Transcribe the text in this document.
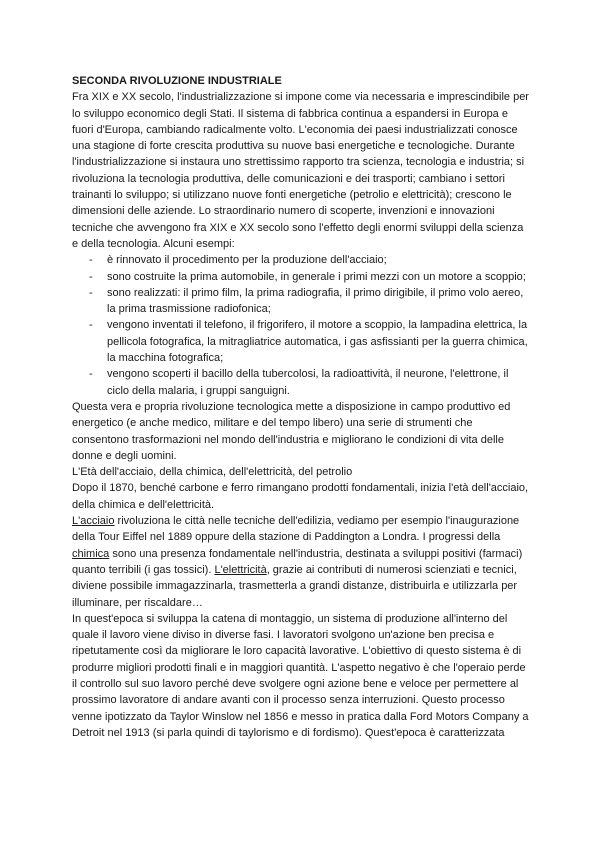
SECONDA RIVOLUZIONE INDUSTRIALE

Fra XIX e XX secolo, l'industrializzazione si impone come via necessaria e imprescindibile per lo sviluppo economico degli Stati. Il sistema di fabbrica continua a espandersi in Europa e fuori d'Europa, cambiando radicalmente volto. L'economia dei paesi industrializzati conosce una stagione di forte crescita produttiva su nuove basi energetiche e tecnologiche. Durante l'industrializzazione si instaura uno strettissimo rapporto tra scienza, tecnologia e industria; si rivoluziona la tecnologia produttiva, delle comunicazioni e dei trasporti; cambiano i settori trainanti lo sviluppo; si utilizzano nuove fonti energetiche (petrolio e elettricità); crescono le dimensioni delle aziende. Lo straordinario numero di scoperte, invenzioni e innovazioni tecniche che avvengono fra XIX e XX secolo sono l'effetto degli enormi sviluppi della scienza e della tecnologia. Alcuni esempi:

- è rinnovato il procedimento per la produzione dell'acciaio;
- sono costruite la prima automobile, in generale i primi mezzi con un motore a scoppio;
- sono realizzati: il primo film, la prima radiografia, il primo dirigibile, il primo volo aereo, la prima trasmissione radiofonica;
- vengono inventati il telefono, il frigorifero, il motore a scoppio, la lampadina elettrica, la pellicola fotografica, la mitragliatrice automatica, i gas asfissianti per la guerra chimica, la macchina fotografica;
- vengono scoperti il bacillo della tubercolosi, la radioattività, il neurone, l'elettrone, il ciclo della malaria, i gruppi sanguigni.

Questa vera e propria rivoluzione tecnologica mette a disposizione in campo produttivo ed energetico (e anche medico, militare e del tempo libero) una serie di strumenti che consentono trasformazioni nel mondo dell'industria e migliorano le condizioni di vita delle donne e degli uomini.

L'Età dell'acciaio, della chimica, dell'elettricità, del petrolio

Dopo il 1870, benché carbone e ferro rimangano prodotti fondamentali, inizia l'età dell'acciaio, della chimica e dell'elettricità.

L'acciaio rivoluziona le città nelle tecniche dell'edilizia, vediamo per esempio l'inaugurazione della Tour Eiffel nel 1889 oppure della stazione di Paddington a Londra. I progressi della chimica sono una presenza fondamentale nell'industria, destinata a sviluppi positivi (farmaci) quanto terribili (i gas tossici). L'elettricità, grazie ai contributi di numerosi scienziati e tecnici, diviene possibile immagazzinarla, trasmetterla a grandi distanze, distribuirla e utilizzarla per illuminare, per riscaldare…

In quest'epoca si sviluppa la catena di montaggio, un sistema di produzione all'interno del quale il lavoro viene diviso in diverse fasi. I lavoratori svolgono un'azione ben precisa e ripetutamente così da migliorare le loro capacità lavorative. L'obiettivo di questo sistema è di produrre migliori prodotti finali e in maggiori quantità. L'aspetto negativo è che l'operaio perde il controllo sul suo lavoro perché deve svolgere ogni azione bene e veloce per permettere al prossimo lavoratore di andare avanti con il processo senza interruzioni. Questo processo venne ipotizzato da Taylor Winslow nel 1856 e messo in pratica dalla Ford Motors Company a Detroit nel 1913 (si parla quindi di taylorismo e di fordismo). Quest'epoca è caratterizzata
